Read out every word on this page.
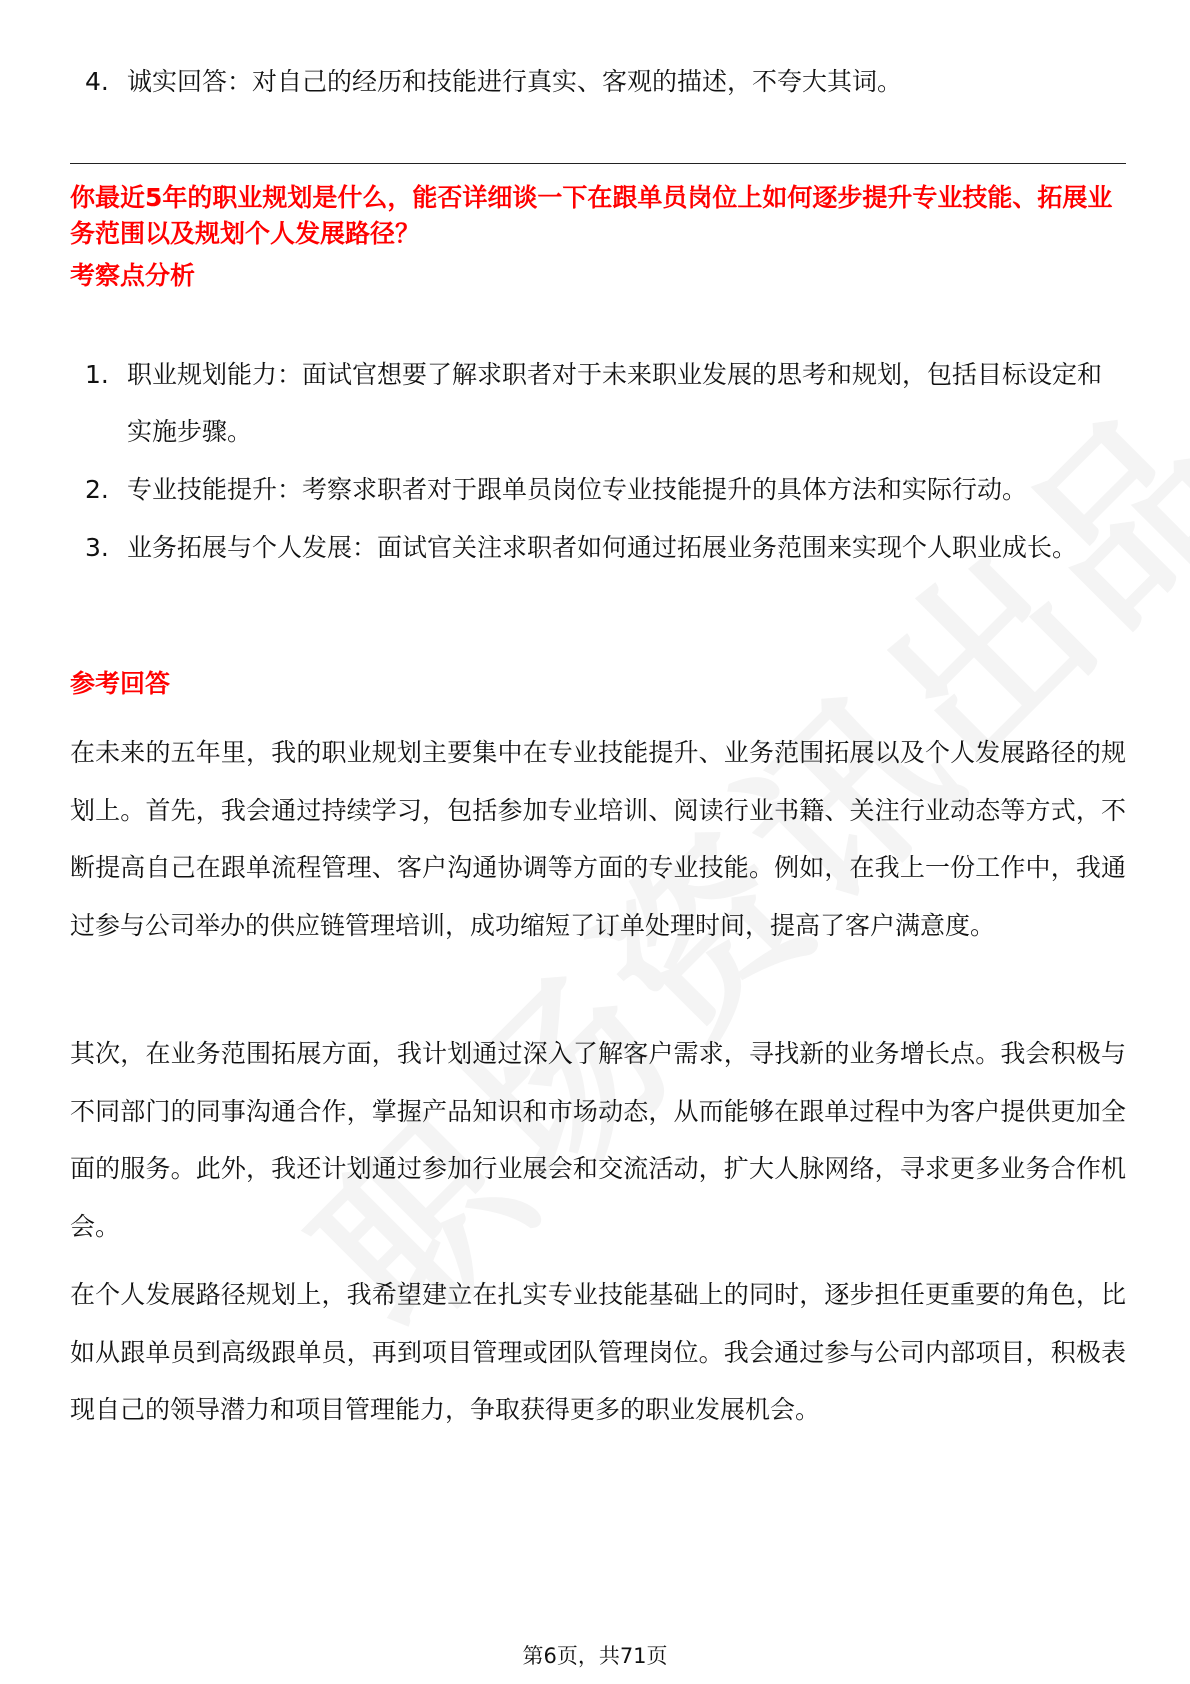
4. 诚实回答：对自己的经历和技能进行真实、客观的描述，不夸大其词。
你最近5年的职业规划是什么，能否详细谈一下在跟单员岗位上如何逐步提升专业技能、拓展业务范围以及规划个人发展路径？
考察点分析
1. 职业规划能力：面试官想要了解求职者对于未来职业发展的思考和规划，包括目标设定和实施步骤。
2. 专业技能提升：考察求职者对于跟单员岗位专业技能提升的具体方法和实际行动。
3. 业务拓展与个人发展：面试官关注求职者如何通过拓展业务范围来实现个人职业成长。
参考回答
在未来的五年里，我的职业规划主要集中在专业技能提升、业务范围拓展以及个人发展路径的规划上。首先，我会通过持续学习，包括参加专业培训、阅读行业书籍、关注行业动态等方式，不断提高自己在跟单流程管理、客户沟通协调等方面的专业技能。例如，在我上一份工作中，我通过参与公司举办的供应链管理培训，成功缩短了订单处理时间，提高了客户满意度。
其次，在业务范围拓展方面，我计划通过深入了解客户需求，寻找新的业务增长点。我会积极与不同部门的同事沟通合作，掌握产品知识和市场动态，从而能够在跟单过程中为客户提供更加全面的服务。此外，我还计划通过参加行业展会和交流活动，扩大人脉网络，寻求更多业务合作机会。
在个人发展路径规划上，我希望建立在扎实专业技能基础上的同时，逐步担任更重要的角色，比如从跟单员到高级跟单员，再到项目管理或团队管理岗位。我会通过参与公司内部项目，积极表现自己的领导潜力和项目管理能力，争取获得更多的职业发展机会。
第6页，共71页
